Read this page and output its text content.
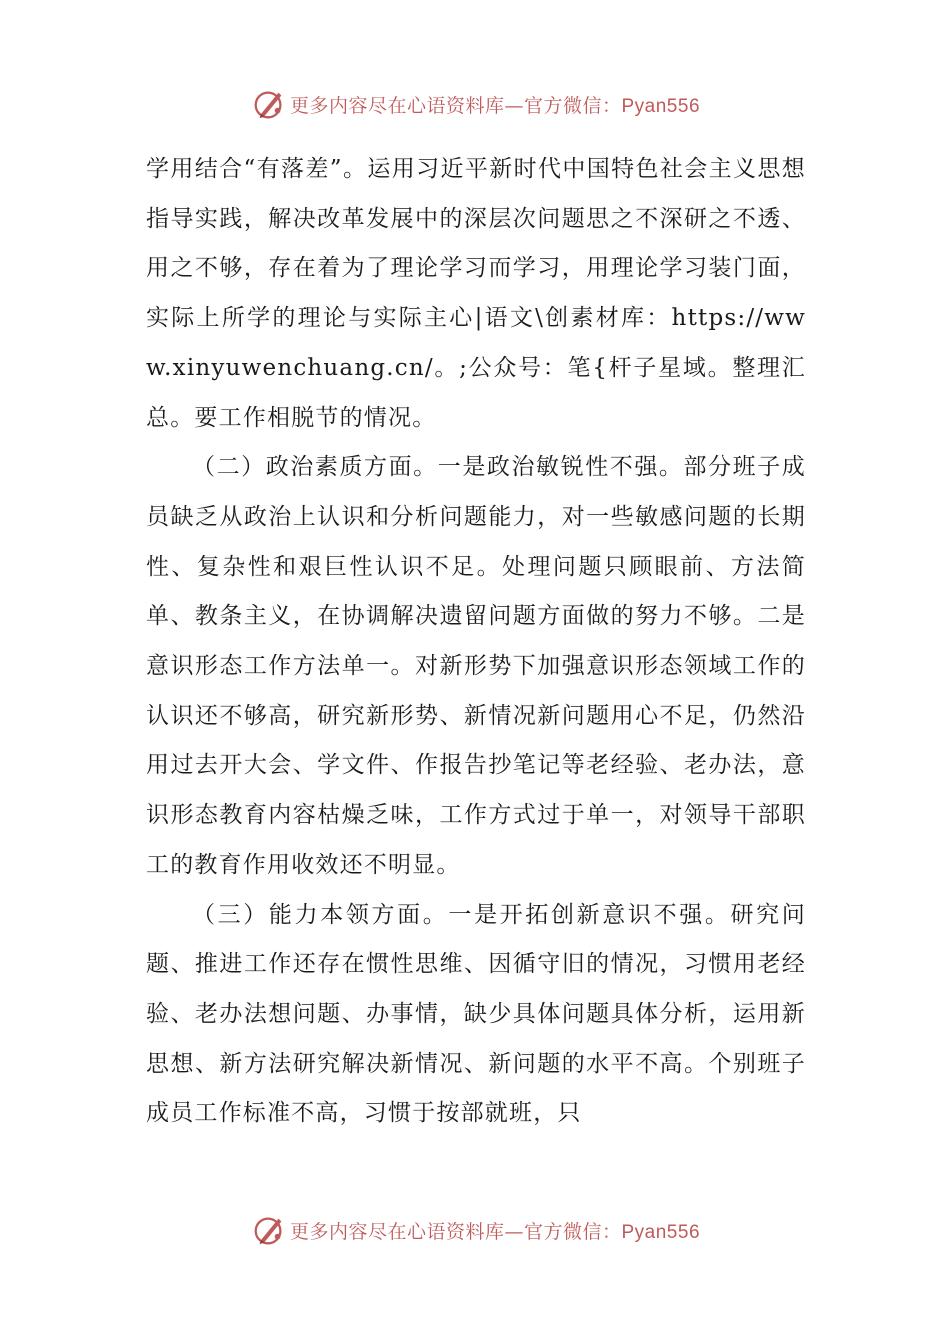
更多内容尽在心语资料库—官方微信：Pyan556

学用结合“有落差”。运用习近平新时代中国特色社会主义思想指导实践，解决改革发展中的深层次问题思之不深研之不透、用之不够，存在着为了理论学习而学习，用理论学习装门面，实际上所学的理论与实际主心|语文\创素材库：https://www.xinyuwenchuang.cn/。;公众号：笔{杆子星域。整理汇总。要工作相脱节的情况。

（二）政治素质方面。一是政治敏锐性不强。部分班子成员缺乏从政治上认识和分析问题能力，对一些敏感问题的长期性、复杂性和艰巨性认识不足。处理问题只顾眼前、方法简单、教条主义，在协调解决遗留问题方面做的努力不够。二是意识形态工作方法单一。对新形势下加强意识形态领域工作的认识还不够高，研究新形势、新情况新问题用心不足，仍然沿用过去开大会、学文件、作报告抄笔记等老经验、老办法，意识形态教育内容枯燥乏味，工作方式过于单一，对领导干部职工的教育作用收效还不明显。

（三）能力本领方面。一是开拓创新意识不强。研究问题、推进工作还存在惯性思维、因循守旧的情况，习惯用老经验、老办法想问题、办事情，缺少具体问题具体分析，运用新思想、新方法研究解决新情况、新问题的水平不高。个别班子成员工作标准不高，习惯于按部就班，只

更多内容尽在心语资料库—官方微信：Pyan556
